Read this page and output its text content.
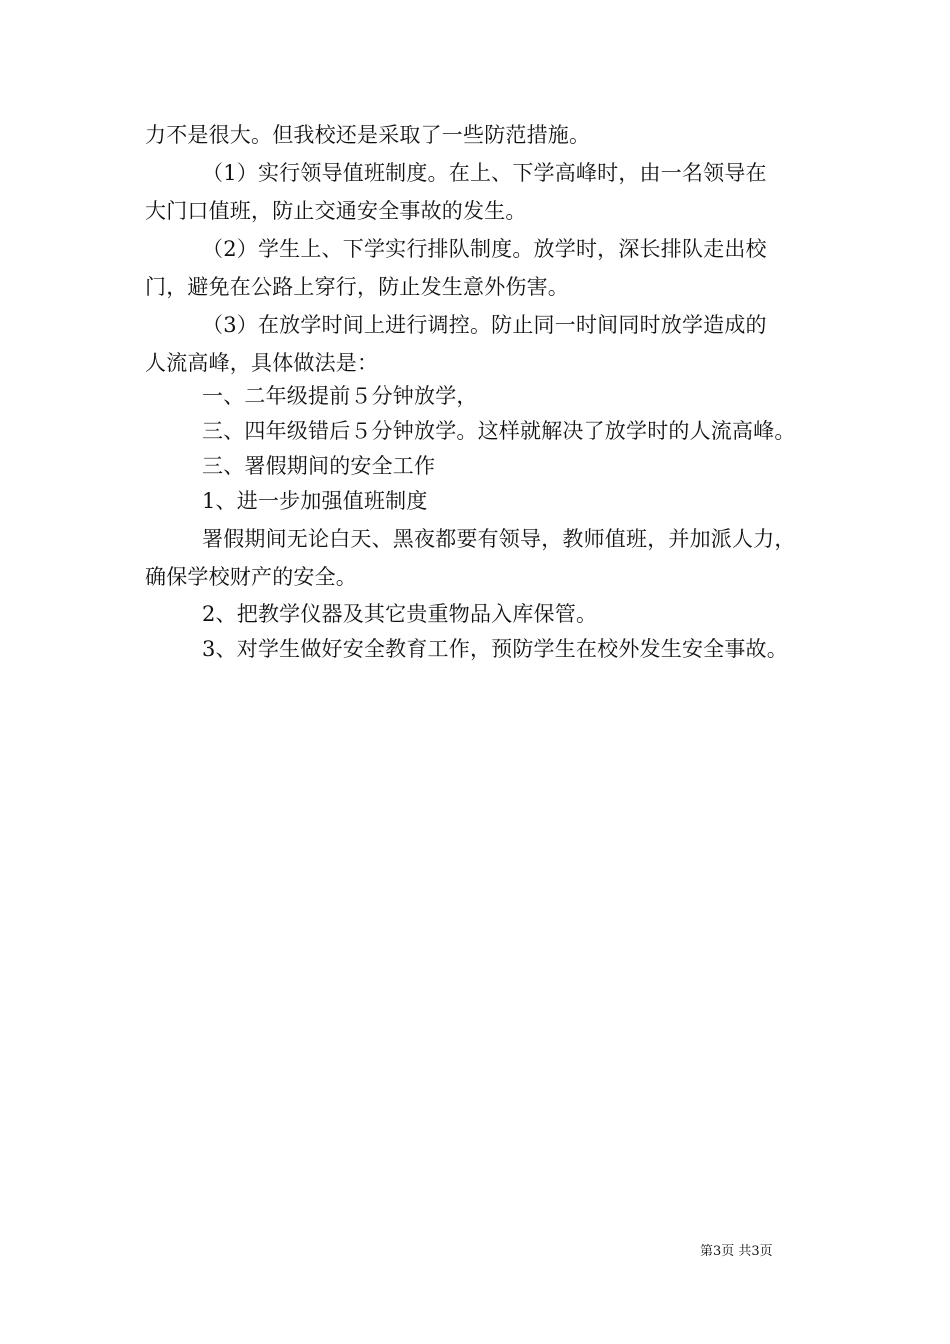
力不是很大。但我校还是采取了一些防范措施。
（1）实行领导值班制度。在上、下学高峰时，由一名领导在
大门口值班，防止交通安全事故的发生。
（2）学生上、下学实行排队制度。放学时，深长排队走出校
门，避免在公路上穿行，防止发生意外伤害。
（3）在放学时间上进行调控。防止同一时间同时放学造成的
人流高峰，具体做法是：
一、二年级提前５分钟放学，
三、四年级错后５分钟放学。这样就解决了放学时的人流高峰。
三、署假期间的安全工作
1、进一步加强值班制度
署假期间无论白天、黑夜都要有领导，教师值班，并加派人力，
确保学校财产的安全。
2、把教学仪器及其它贵重物品入库保管。
3、对学生做好安全教育工作，预防学生在校外发生安全事故。
第3页 共3页
